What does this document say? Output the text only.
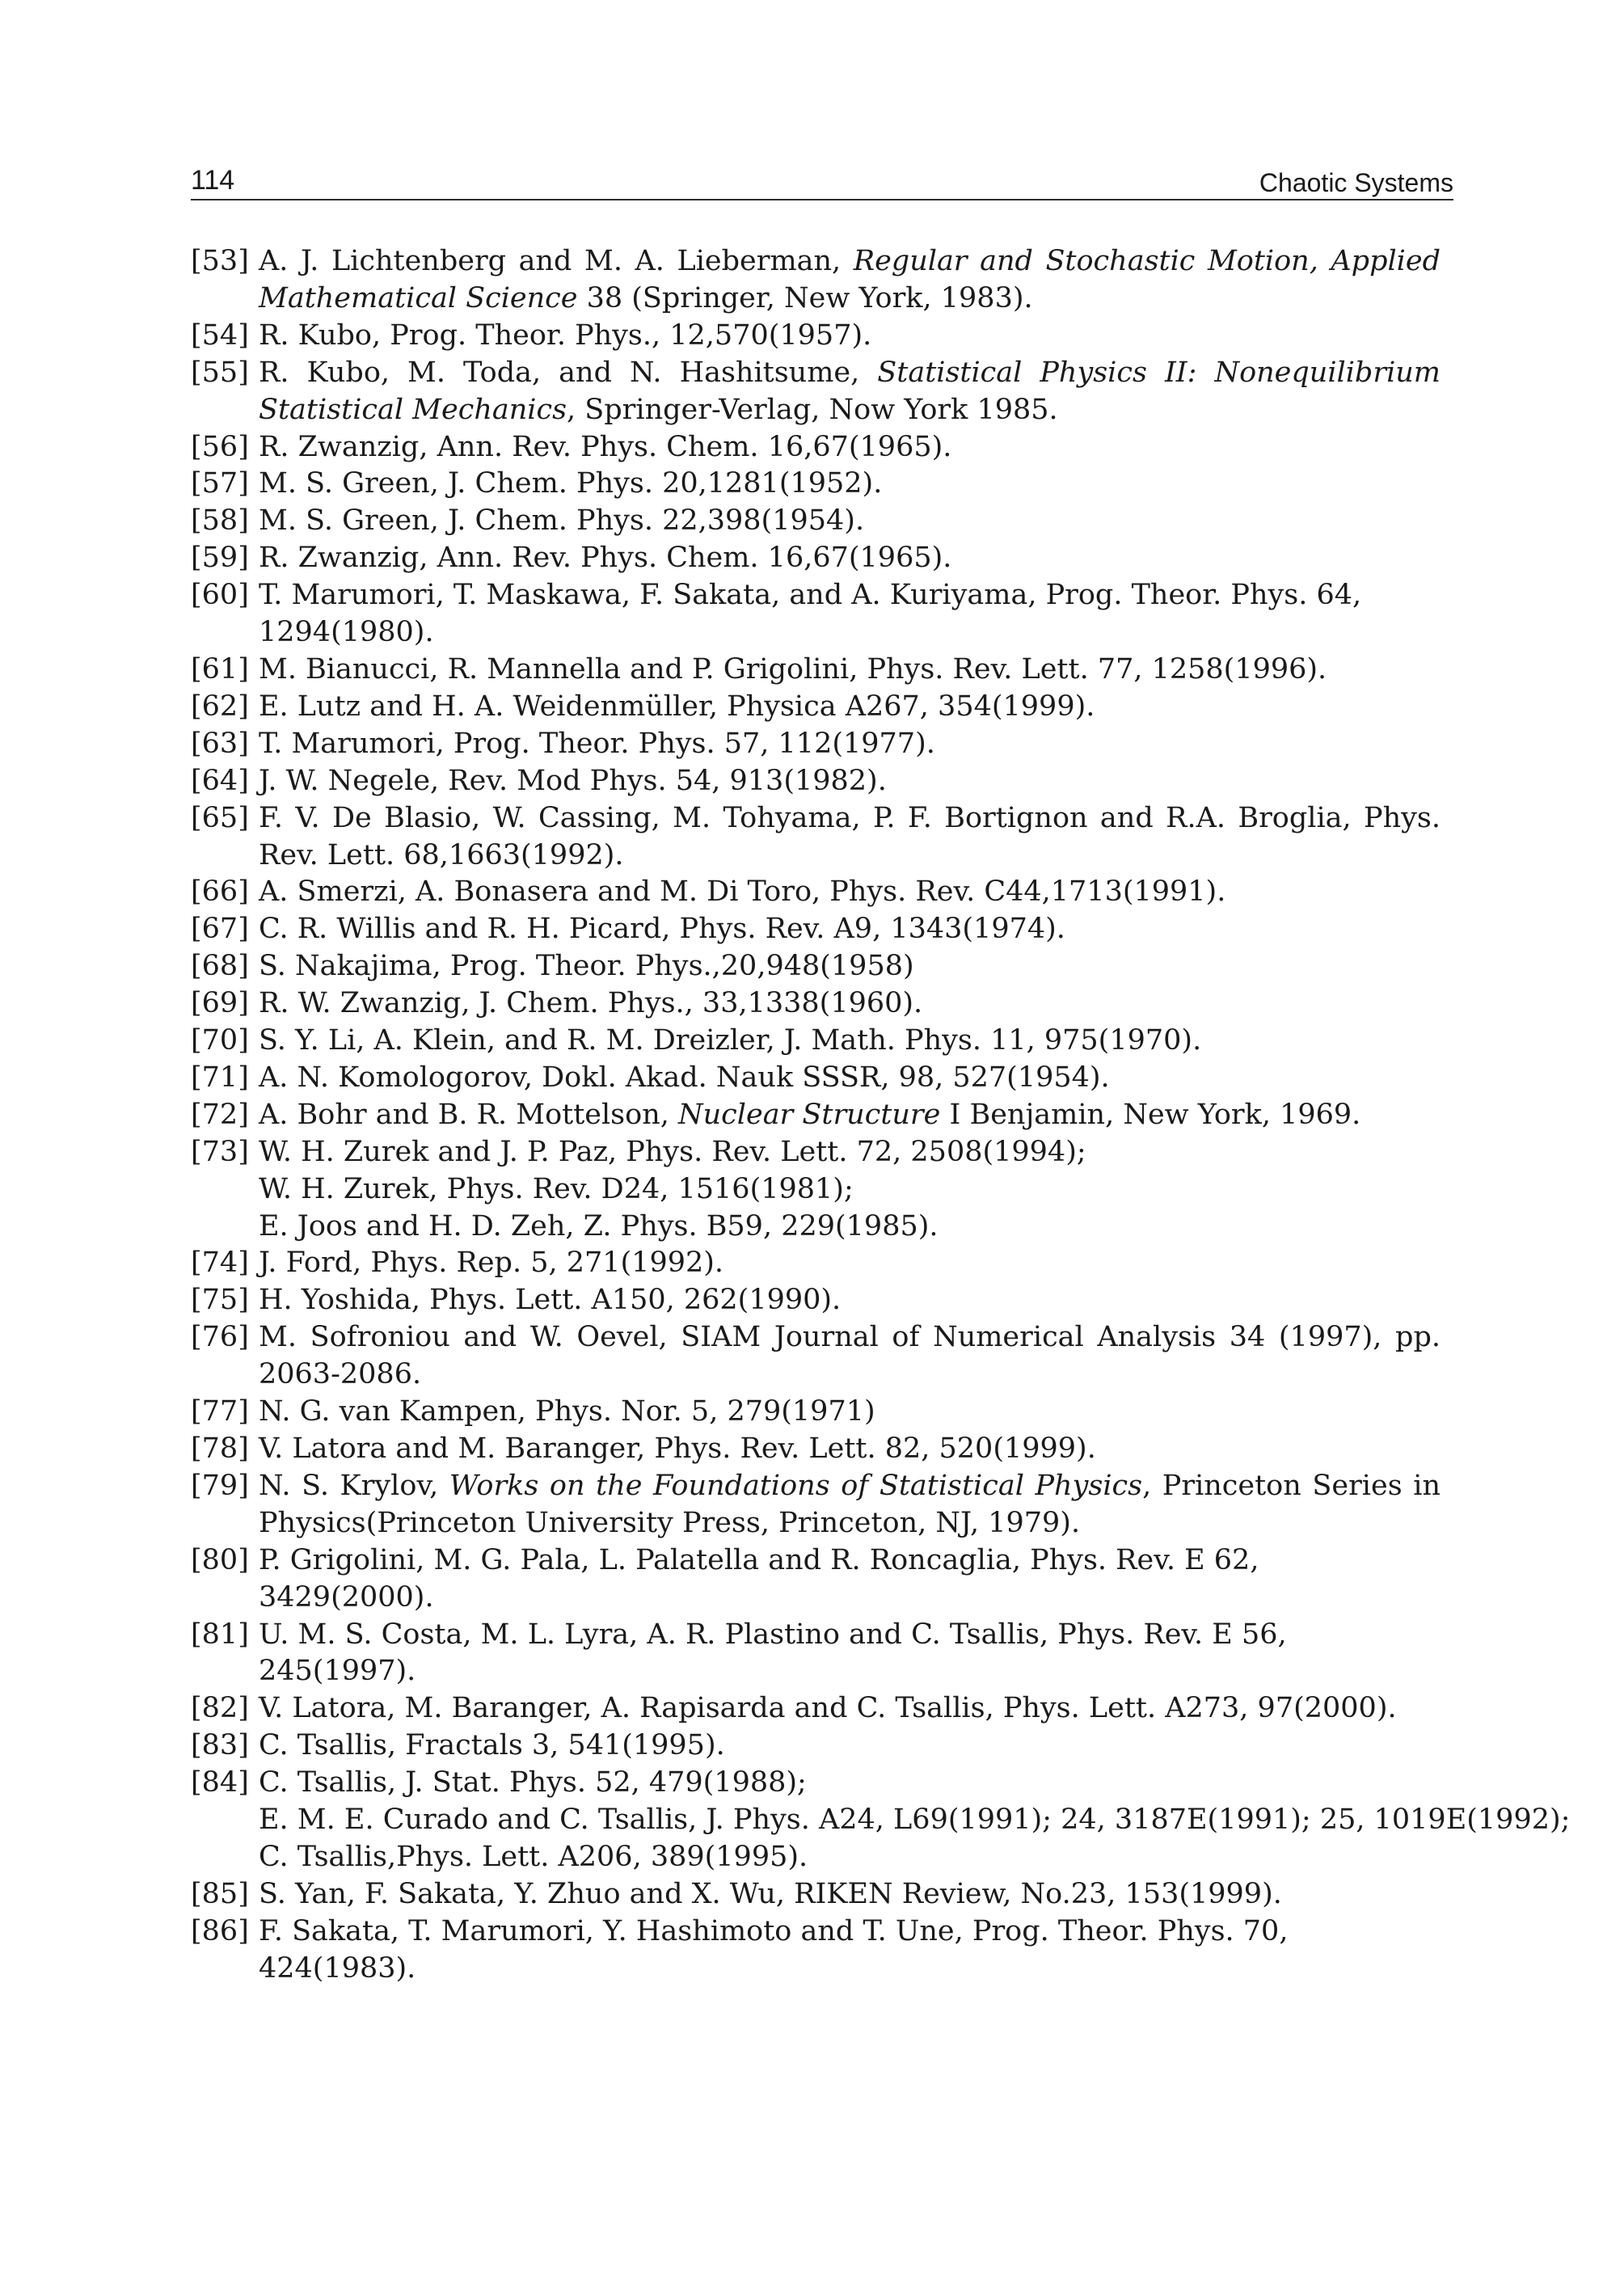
114	Chaotic Systems
[53] A. J. Lichtenberg and M. A. Lieberman, Regular and Stochastic Motion, Applied Mathematical Science 38 (Springer, New York, 1983).
[54] R. Kubo, Prog. Theor. Phys., 12,570(1957).
[55] R. Kubo, M. Toda, and N. Hashitsume, Statistical Physics II: Nonequilibrium Statistical Mechanics, Springer-Verlag, Now York 1985.
[56] R. Zwanzig, Ann. Rev. Phys. Chem. 16,67(1965).
[57] M. S. Green, J. Chem. Phys. 20,1281(1952).
[58] M. S. Green, J. Chem. Phys. 22,398(1954).
[59] R. Zwanzig, Ann. Rev. Phys. Chem. 16,67(1965).
[60] T. Marumori, T. Maskawa, F. Sakata, and A. Kuriyama, Prog. Theor. Phys. 64, 1294(1980).
[61] M. Bianucci, R. Mannella and P. Grigolini, Phys. Rev. Lett. 77, 1258(1996).
[62] E. Lutz and H. A. Weidenmüller, Physica A267, 354(1999).
[63] T. Marumori, Prog. Theor. Phys. 57, 112(1977).
[64] J. W. Negele, Rev. Mod Phys. 54, 913(1982).
[65] F. V. De Blasio, W. Cassing, M. Tohyama, P. F. Bortignon and R.A. Broglia, Phys. Rev. Lett. 68,1663(1992).
[66] A. Smerzi, A. Bonasera and M. Di Toro, Phys. Rev. C44,1713(1991).
[67] C. R. Willis and R. H. Picard, Phys. Rev. A9, 1343(1974).
[68] S. Nakajima, Prog. Theor. Phys.,20,948(1958)
[69] R. W. Zwanzig, J. Chem. Phys., 33,1338(1960).
[70] S. Y. Li, A. Klein, and R. M. Dreizler, J. Math. Phys. 11, 975(1970).
[71] A. N. Komologorov, Dokl. Akad. Nauk SSSR, 98, 527(1954).
[72] A. Bohr and B. R. Mottelson, Nuclear Structure I Benjamin, New York, 1969.
[73] W. H. Zurek and J. P. Paz, Phys. Rev. Lett. 72, 2508(1994);
W. H. Zurek, Phys. Rev. D24, 1516(1981);
E. Joos and H. D. Zeh, Z. Phys. B59, 229(1985).
[74] J. Ford, Phys. Rep. 5, 271(1992).
[75] H. Yoshida, Phys. Lett. A150, 262(1990).
[76] M. Sofroniou and W. Oevel, SIAM Journal of Numerical Analysis 34 (1997), pp. 2063-2086.
[77] N. G. van Kampen, Phys. Nor. 5, 279(1971)
[78] V. Latora and M. Baranger, Phys. Rev. Lett. 82, 520(1999).
[79] N. S. Krylov, Works on the Foundations of Statistical Physics, Princeton Series in Physics(Princeton University Press, Princeton, NJ, 1979).
[80] P. Grigolini, M. G. Pala, L. Palatella and R. Roncaglia, Phys. Rev. E 62, 3429(2000).
[81] U. M. S. Costa, M. L. Lyra, A. R. Plastino and C. Tsallis, Phys. Rev. E 56, 245(1997).
[82] V. Latora, M. Baranger, A. Rapisarda and C. Tsallis, Phys. Lett. A273, 97(2000).
[83] C. Tsallis, Fractals 3, 541(1995).
[84] C. Tsallis, J. Stat. Phys. 52, 479(1988);
E. M. E. Curado and C. Tsallis, J. Phys. A24, L69(1991); 24, 3187E(1991); 25, 1019E(1992);
C. Tsallis,Phys. Lett. A206, 389(1995).
[85] S. Yan, F. Sakata, Y. Zhuo and X. Wu, RIKEN Review, No.23, 153(1999).
[86] F. Sakata, T. Marumori, Y. Hashimoto and T. Une, Prog. Theor. Phys. 70, 424(1983).
